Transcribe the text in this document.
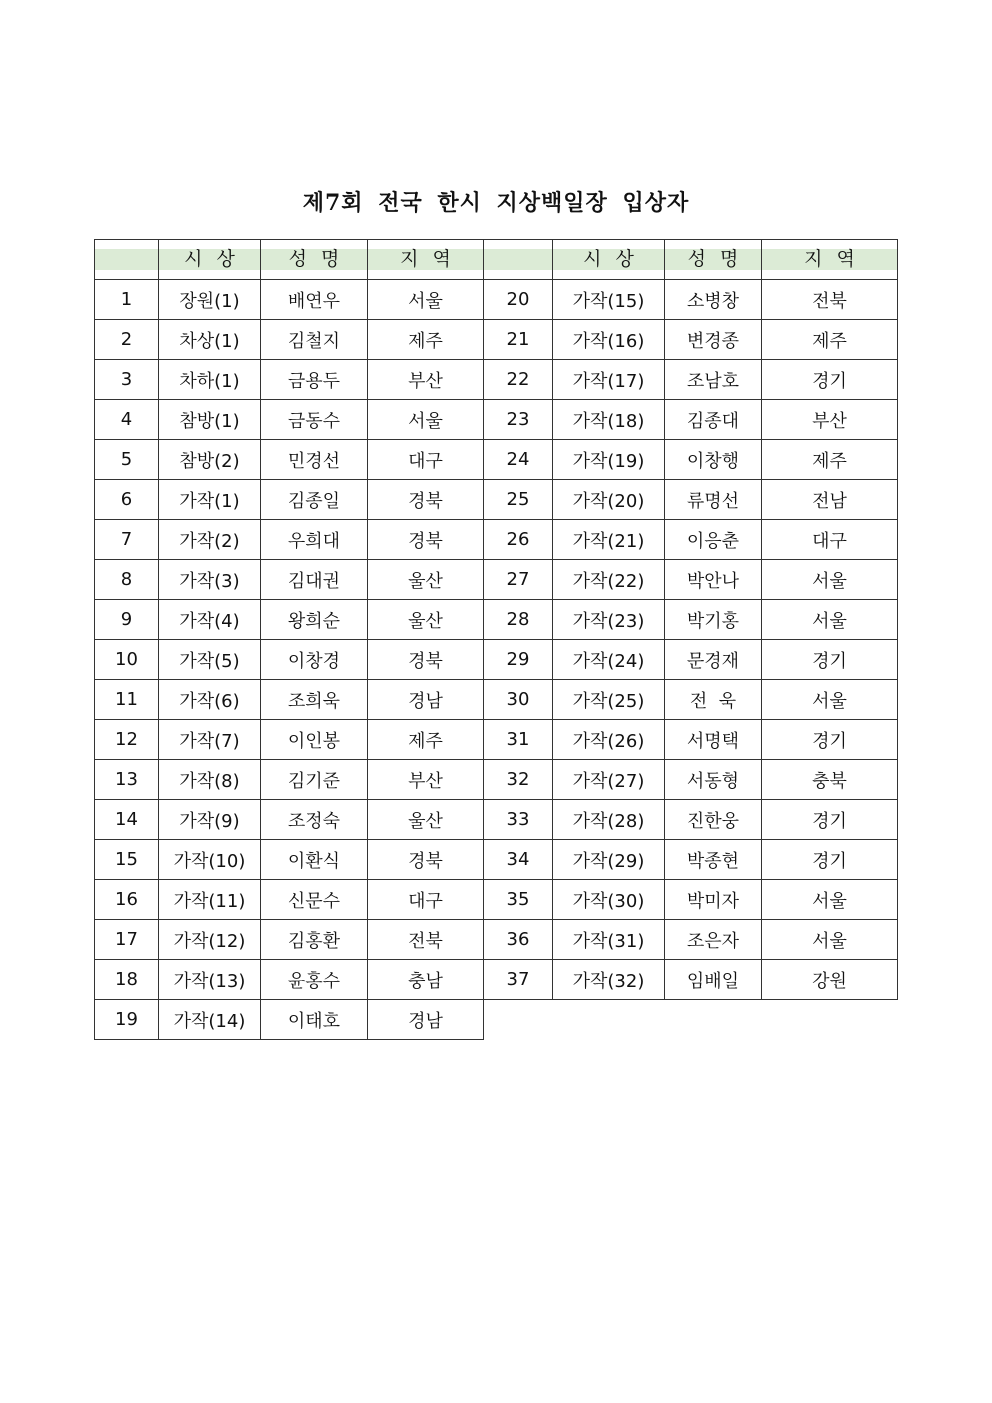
제7회 전국 한시 지상백일장 입상자

	시상	성명	지역		시상	성명	지역

1	장원(1)	배연우	서울	20	가작(15)	소병창	전북
2	차상(1)	김철지	제주	21	가작(16)	변경종	제주
3	차하(1)	금용두	부산	22	가작(17)	조남호	경기
4	참방(1)	금동수	서울	23	가작(18)	김종대	부산
5	참방(2)	민경선	대구	24	가작(19)	이창행	제주
6	가작(1)	김종일	경북	25	가작(20)	류명선	전남
7	가작(2)	우희대	경북	26	가작(21)	이응춘	대구
8	가작(3)	김대권	울산	27	가작(22)	박안나	서울
9	가작(4)	왕희순	울산	28	가작(23)	박기홍	서울
10	가작(5)	이창경	경북	29	가작(24)	문경재	경기
11	가작(6)	조희욱	경남	30	가작(25)	전  욱	서울
12	가작(7)	이인봉	제주	31	가작(26)	서명택	경기
13	가작(8)	김기준	부산	32	가작(27)	서동형	충북
14	가작(9)	조정숙	울산	33	가작(28)	진한웅	경기
15	가작(10)	이환식	경북	34	가작(29)	박종현	경기
16	가작(11)	신문수	대구	35	가작(30)	박미자	서울
17	가작(12)	김홍환	전북	36	가작(31)	조은자	서울
18	가작(13)	윤홍수	충남	37	가작(32)	임배일	강원
19	가작(14)	이태호	경남				
